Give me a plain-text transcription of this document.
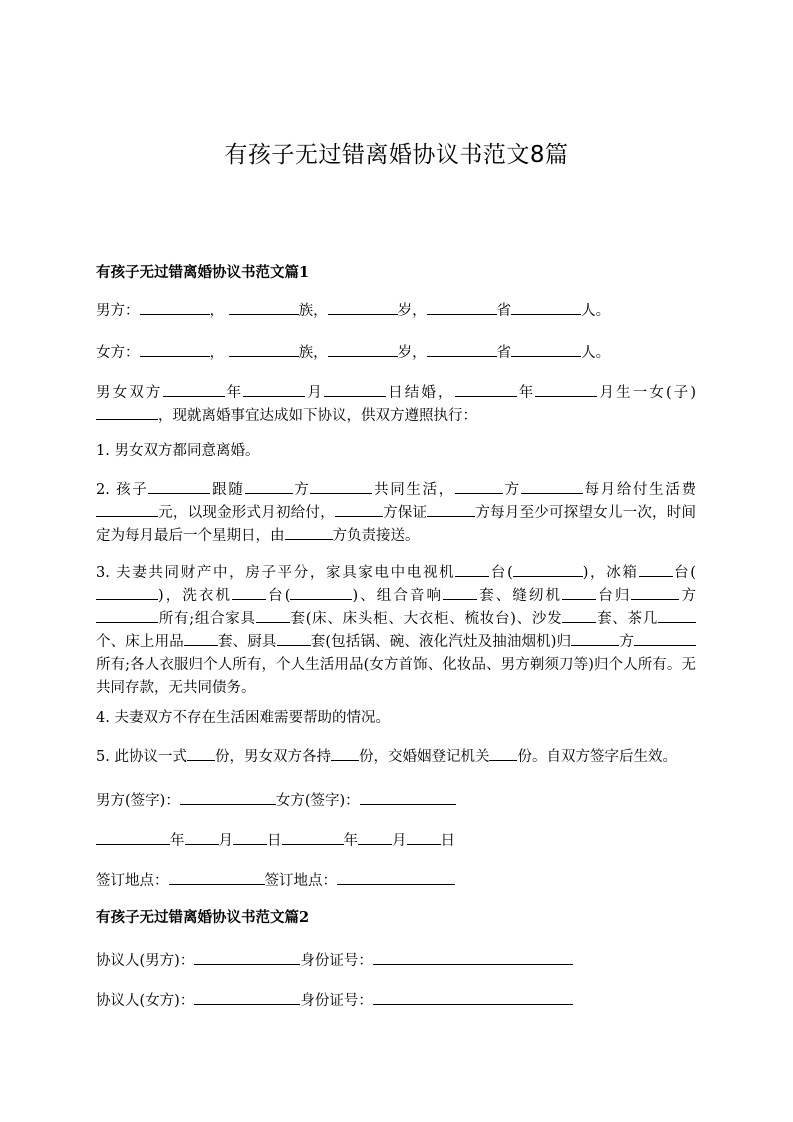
有孩子无过错离婚协议书范文8篇
有孩子无过错离婚协议书范文篇1
男方：	，	族，	岁，	省	人。
女方：	，	族，	岁，	省	人。
男女双方	年	月	日结婚，	年	月生一女(子)，现就离婚事宜达成如下协议，供双方遵照执行：
1. 男女双方都同意离婚。
2. 孩子	跟随	方	共同生活，	方	每月给付生活费元，以现金形式月初给付，	方保证	方每月至少可探望女儿一次，时间定为每月最后一个星期日，由	方负责接送。
3. 夫妻共同财产中，房子平分，家具家电中电视机 台(	)，冰箱 台()，洗衣机 台(	)、组合音响 套、缝纫机 台归	方所有;组合家具 套(床、床头柜、大衣柜、梳妆台)、沙发 套、茶几个、床上用品 套、厨具 套(包括锅、碗、液化汽灶及抽油烟机)归	方所有;各人衣服归个人所有，个人生活用品(女方首饰、化妆品、男方剃须刀等)归个人所有。无共同存款，无共同债务。
4. 夫妻双方不存在生活困难需要帮助的情况。
5. 此协议一式 份，男女双方各持 份，交婚姻登记机关 份。自双方签字后生效。
男方(签字)：	女方(签字)：
年 月 日	年 月 日
签订地点：	签订地点：
有孩子无过错离婚协议书范文篇2
协议人(男方)：	身份证号：
协议人(女方)：	身份证号：
